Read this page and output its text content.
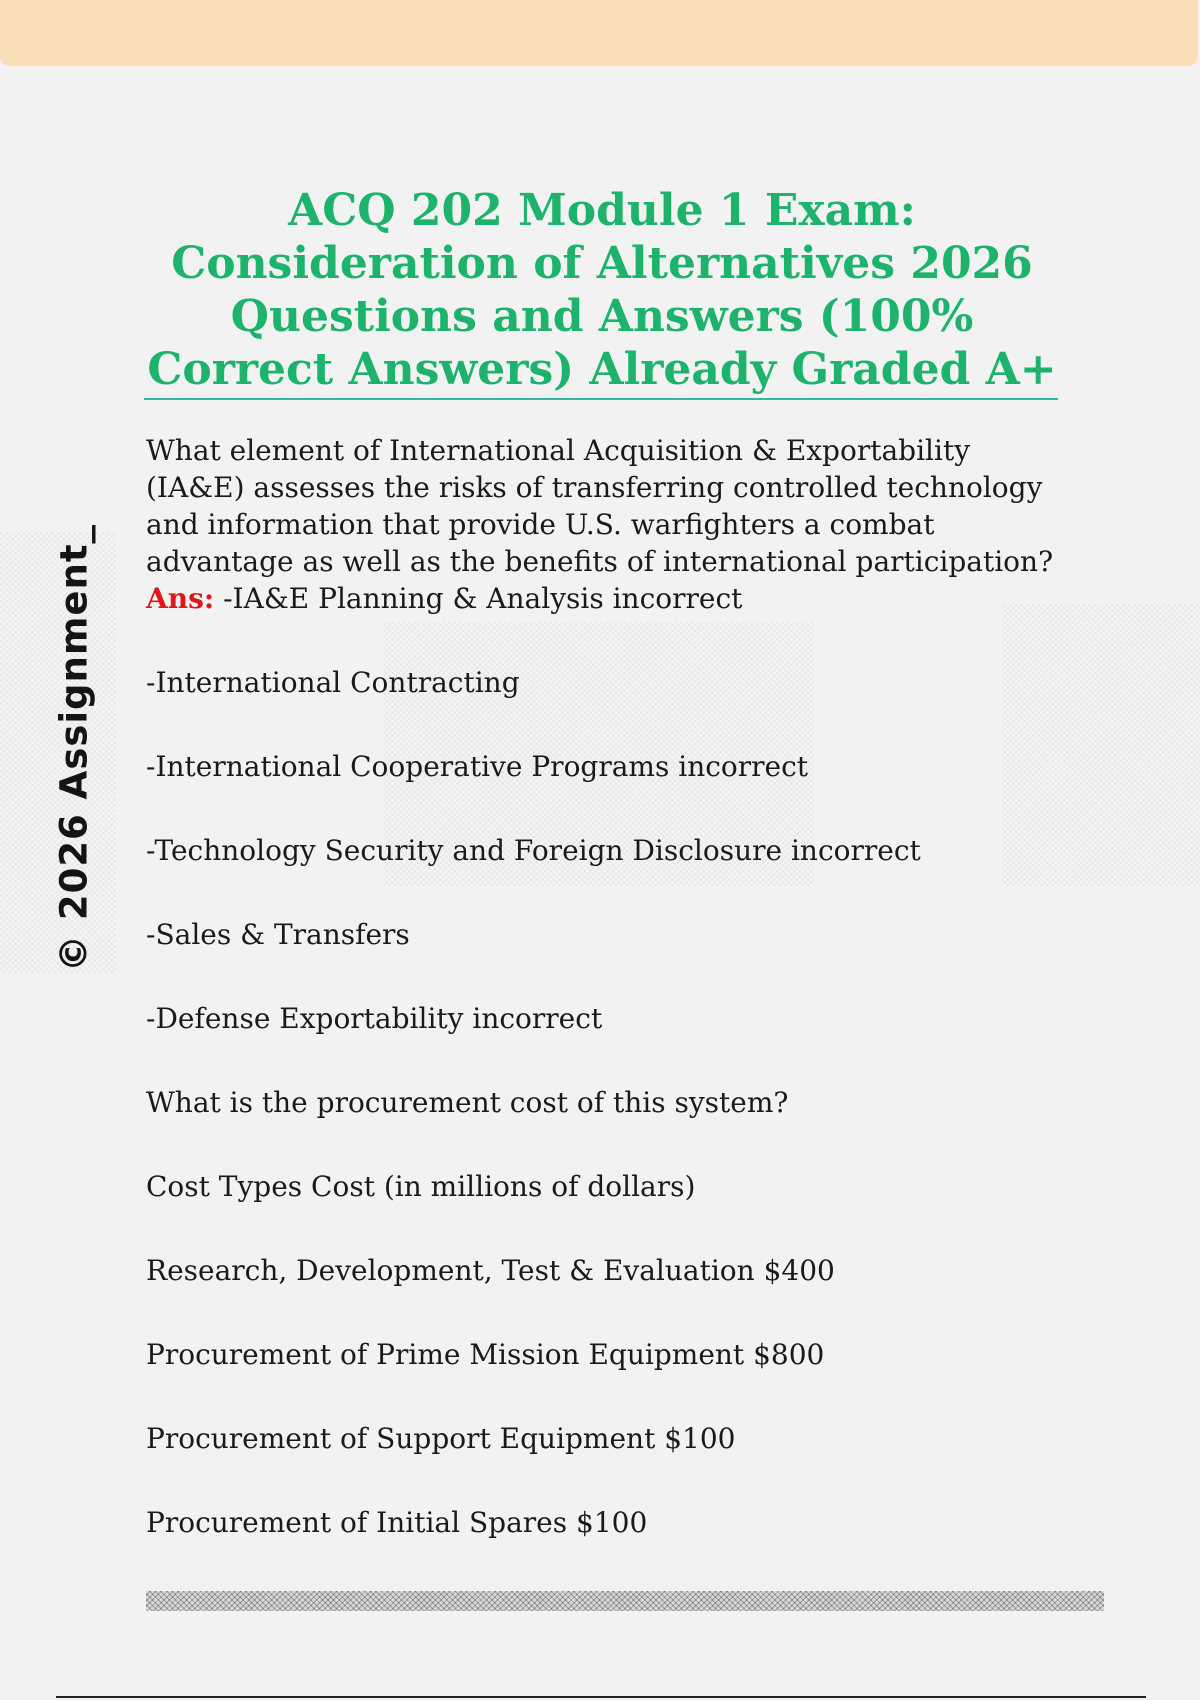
© 2026 Assignment_
ACQ 202 Module 1 Exam: Consideration of Alternatives 2026 Questions and Answers (100% Correct Answers) Already Graded A+

What element of International Acquisition & Exportability (IA&E) assesses the risks of transferring controlled technology and information that provide U.S. warfighters a combat advantage as well as the benefits of international participation? Ans: -IA&E Planning & Analysis incorrect

-International Contracting

-International Cooperative Programs incorrect

-Technology Security and Foreign Disclosure incorrect

-Sales & Transfers

-Defense Exportability incorrect

What is the procurement cost of this system?

Cost Types Cost (in millions of dollars)

Research, Development, Test & Evaluation $400

Procurement of Prime Mission Equipment $800

Procurement of Support Equipment $100

Procurement of Initial Spares $100
